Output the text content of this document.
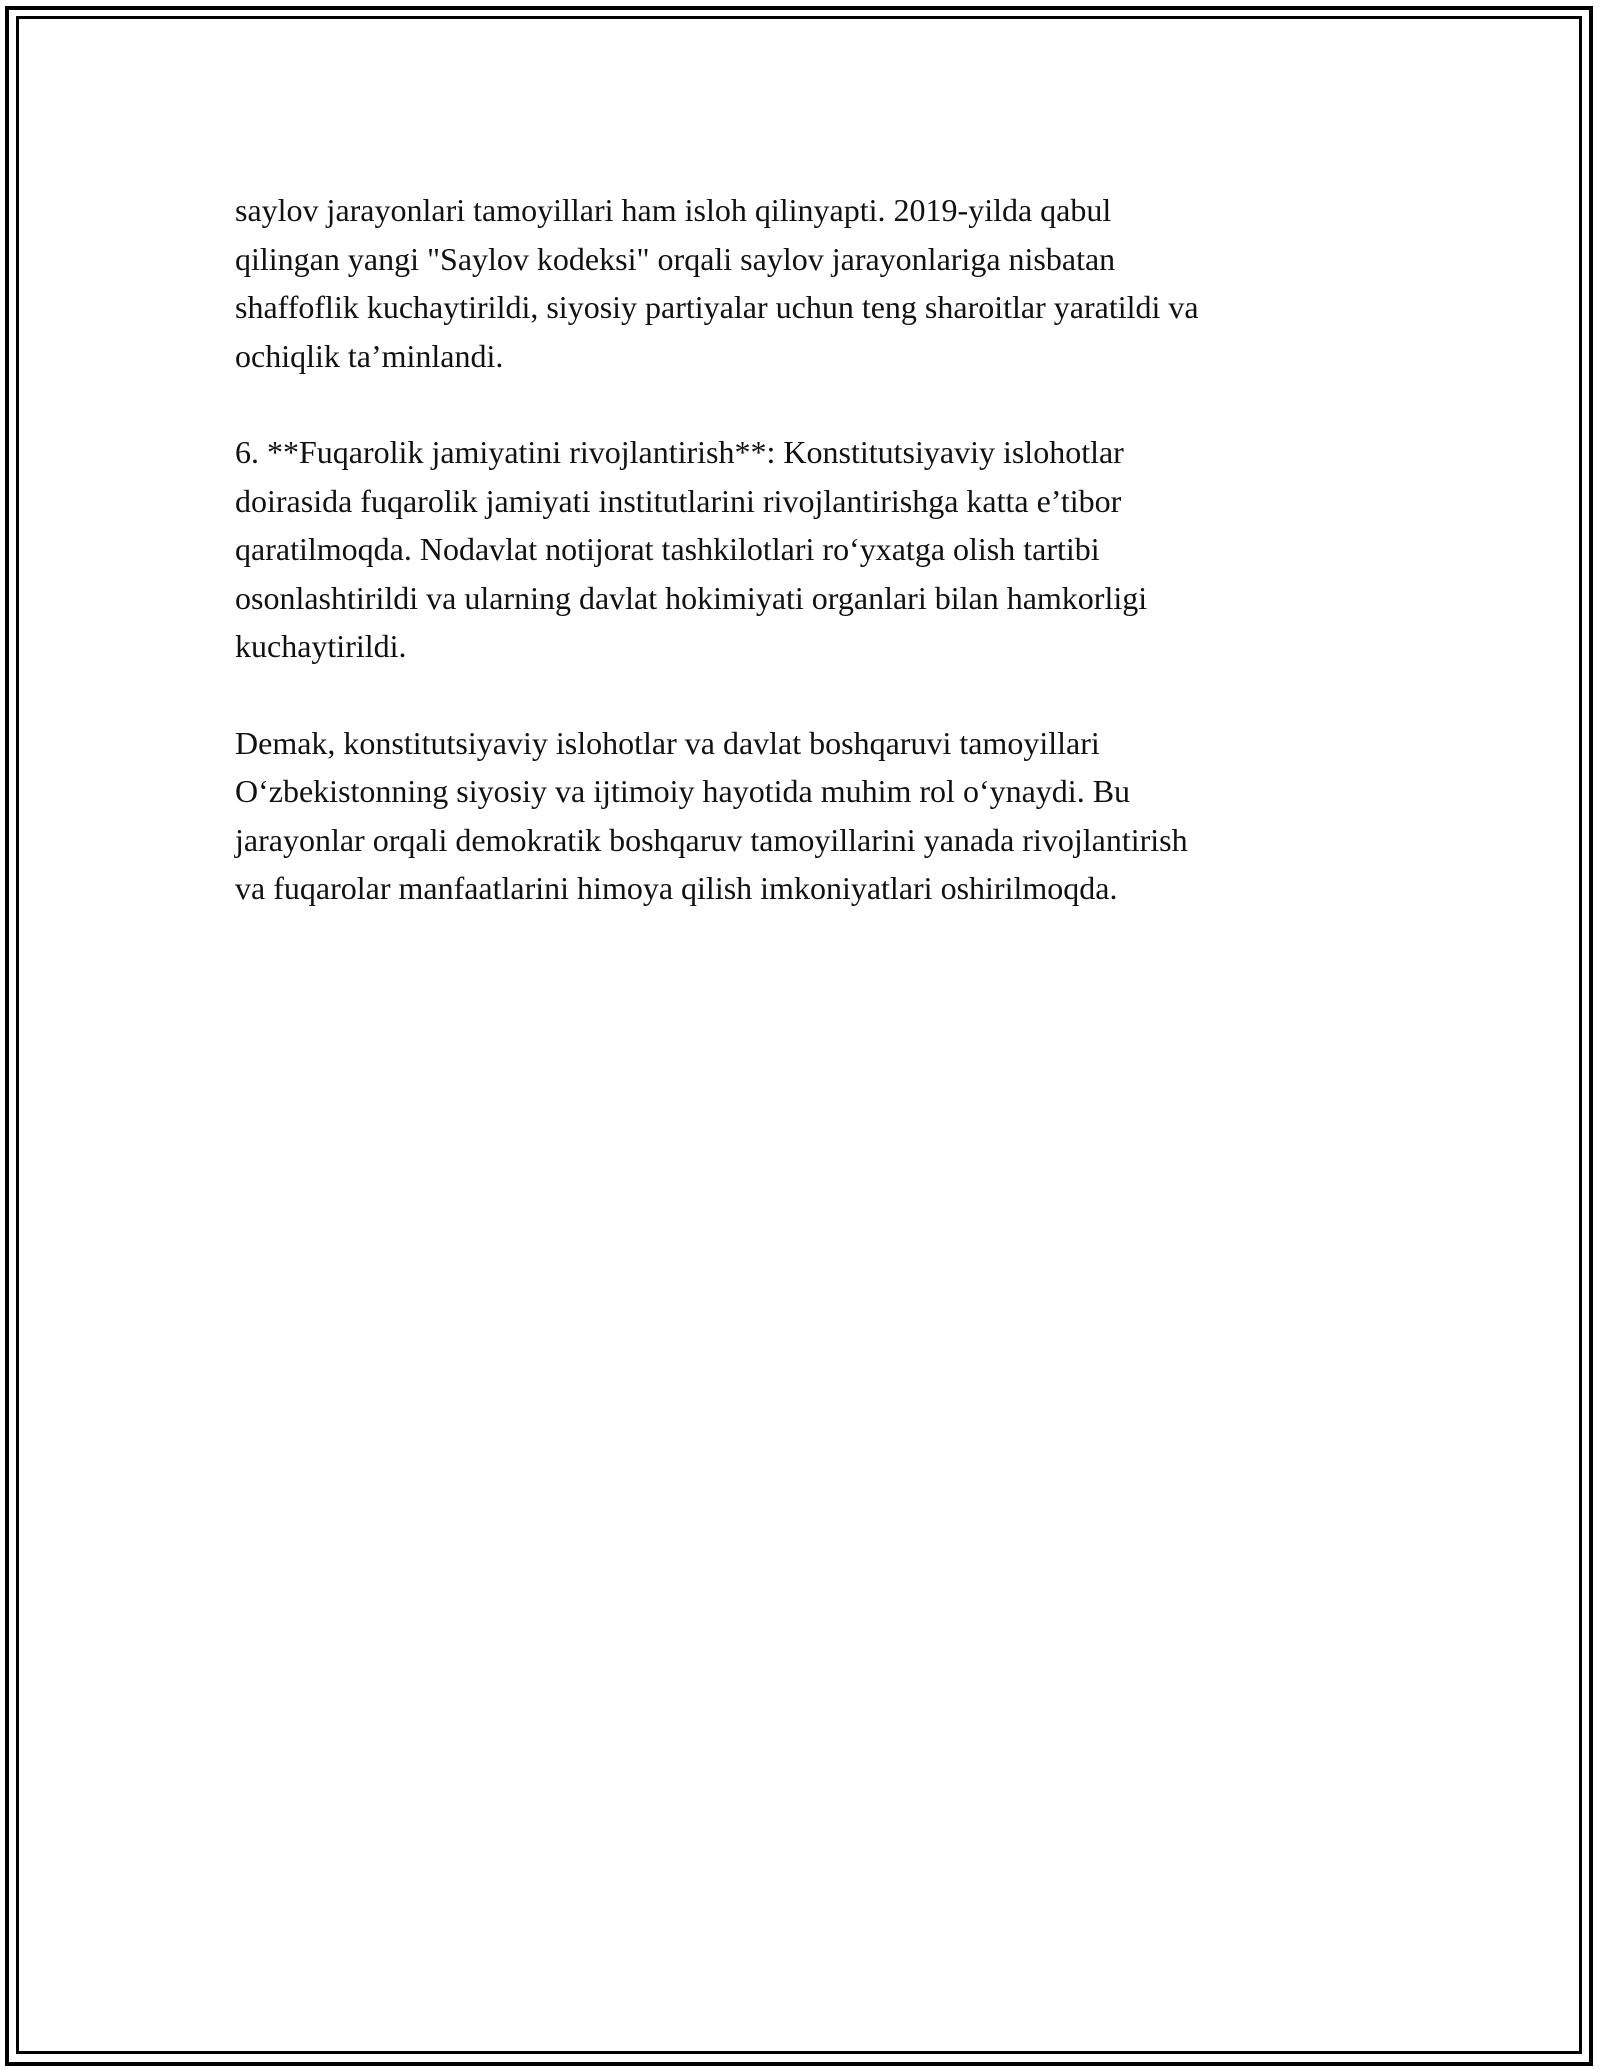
saylov jarayonlari tamoyillari ham isloh qilinyapti. 2019-yilda qabul
qilingan yangi "Saylov kodeksi" orqali saylov jarayonlariga nisbatan
shaffoflik kuchaytirildi, siyosiy partiyalar uchun teng sharoitlar yaratildi va
ochiqlik ta’minlandi.

6. **Fuqarolik jamiyatini rivojlantirish**: Konstitutsiyaviy islohotlar
doirasida fuqarolik jamiyati institutlarini rivojlantirishga katta e’tibor
qaratilmoqda. Nodavlat notijorat tashkilotlari ro‘yxatga olish tartibi
osonlashtirildi va ularning davlat hokimiyati organlari bilan hamkorligi
kuchaytirildi.

Demak, konstitutsiyaviy islohotlar va davlat boshqaruvi tamoyillari
O‘zbekistonning siyosiy va ijtimoiy hayotida muhim rol o‘ynaydi. Bu
jarayonlar orqali demokratik boshqaruv tamoyillarini yanada rivojlantirish
va fuqarolar manfaatlarini himoya qilish imkoniyatlari oshirilmoqda.
